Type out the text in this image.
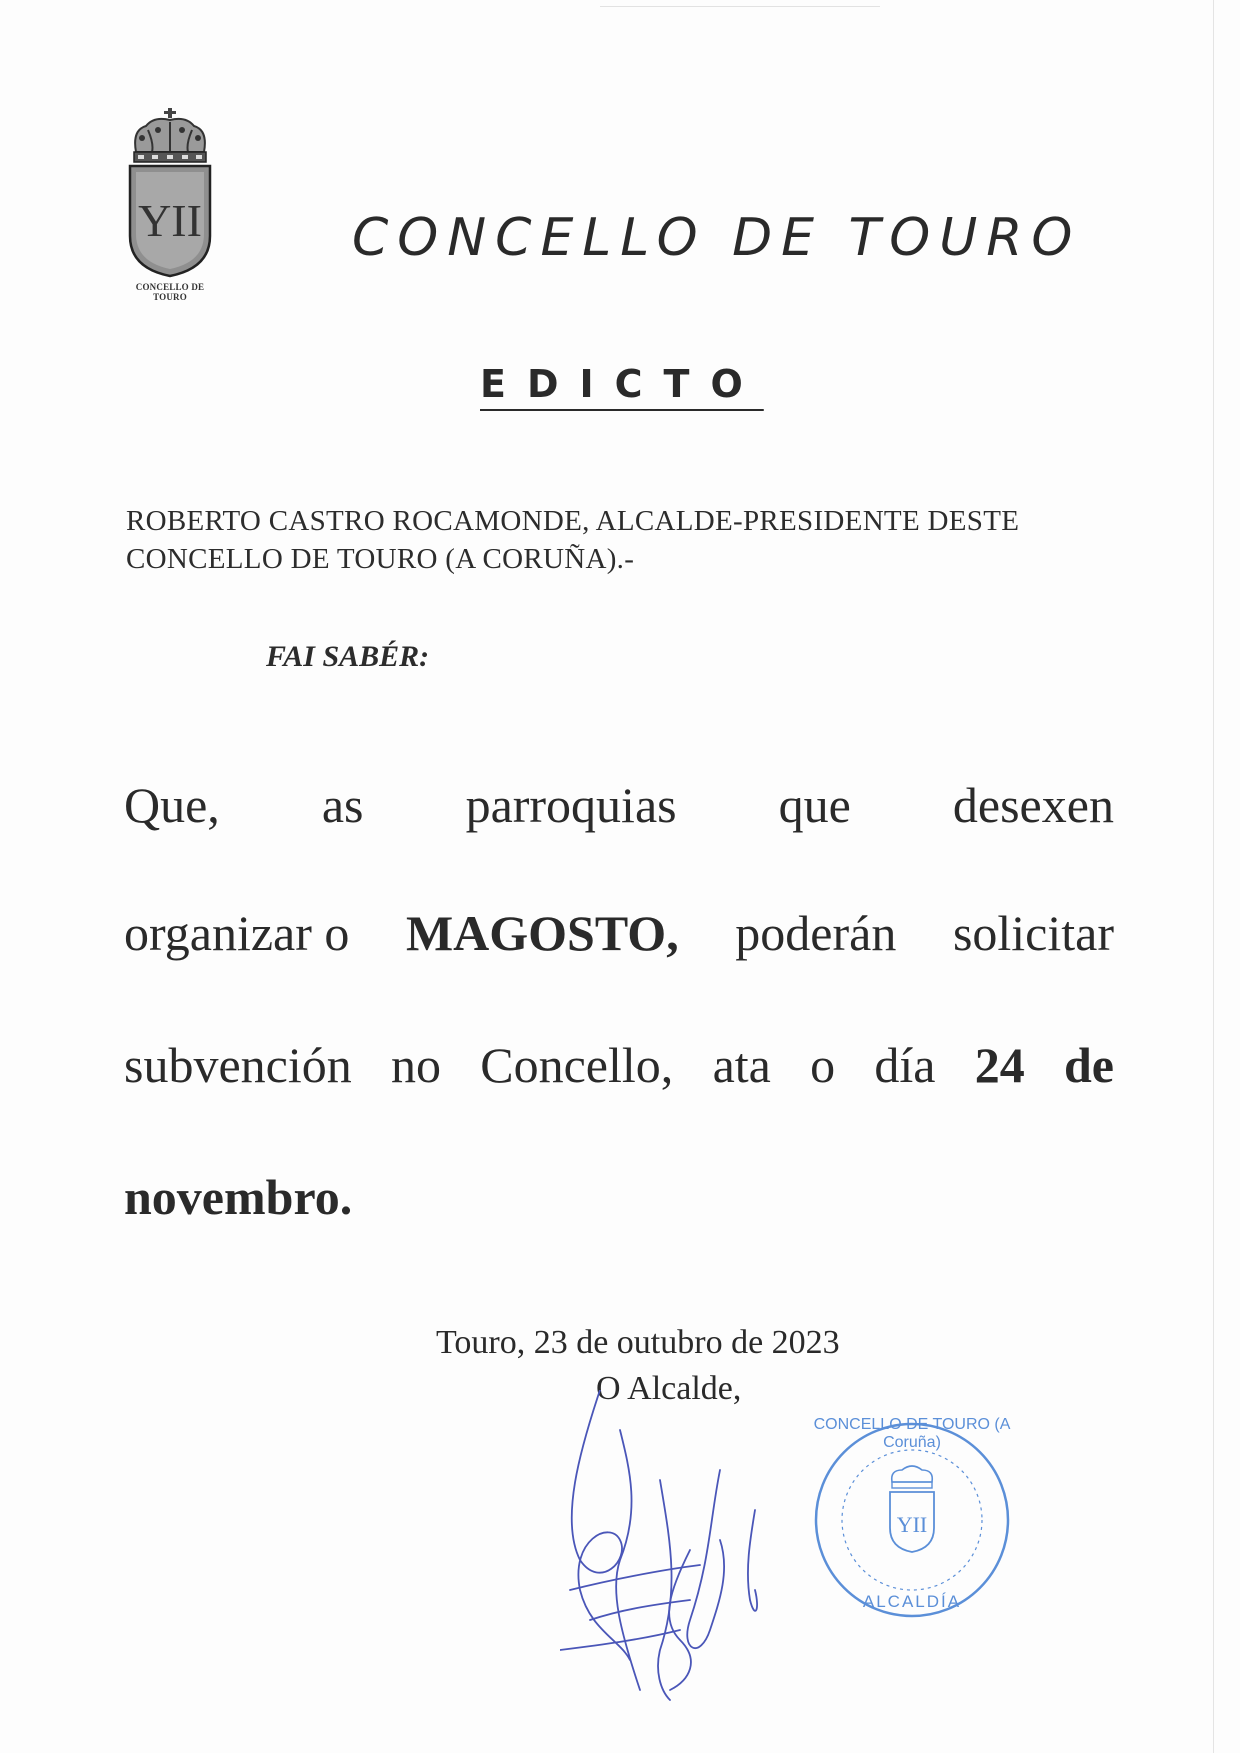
YII
CONCELLO DE TOURO
CONCELLO DE TOURO
EDICTO
ROBERTO CASTRO ROCAMONDE, ALCALDE-PRESIDENTE DESTE
CONCELLO DE TOURO (A CORUÑA).-
FAI SABÉR:
Que, as parroquias que desexen
organizar o MAGOSTO, poderán solicitar
subvención no Concello, ata o día 24 de
novembro.
Touro, 23 de outubro de 2023
O Alcalde,
CONCELLO DE TOURO (A Coruña)
YII
ALCALDÍA
